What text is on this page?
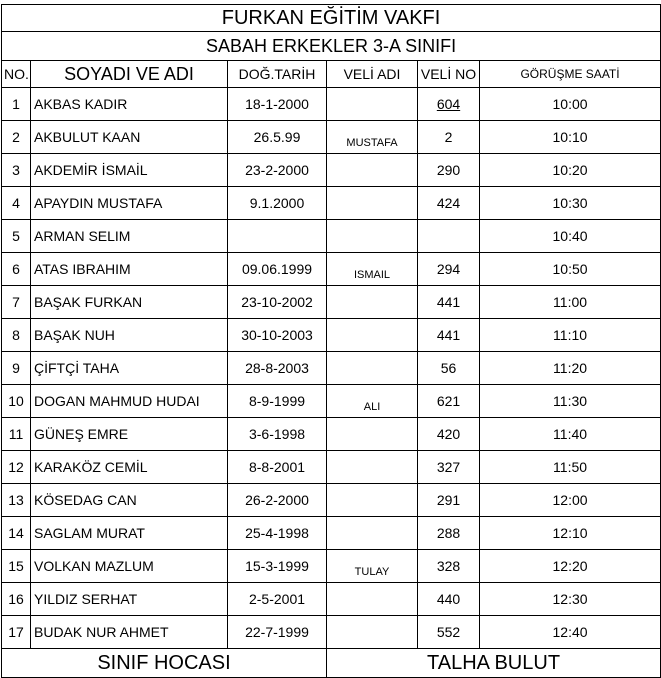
FURKAN EĞİTİM VAKFI					
SABAH ERKEKLER 3-A SINIFI					
NO.	SOYADI VE ADI	DOĞ.TARİH	VELİ ADI	VELİ NO	GÖRÜŞME SAATİ
1	AKBAS KADIR	18-1-2000		604	10:00
2	AKBULUT KAAN	26.5.99	MUSTAFA	2	10:10
3	AKDEMİR İSMAİL	23-2-2000		290	10:20
4	APAYDIN MUSTAFA	9.1.2000		424	10:30
5	ARMAN SELIM				10:40
6	ATAS IBRAHIM	09.06.1999	ISMAIL	294	10:50
7	BAŞAK FURKAN	23-10-2002		441	11:00
8	BAŞAK NUH	30-10-2003		441	11:10
9	ÇİFTÇİ TAHA	28-8-2003		56	11:20
10	DOGAN MAHMUD HUDAI	8-9-1999	ALI	621	11:30
11	GÜNEŞ EMRE	3-6-1998		420	11:40
12	KARAKÖZ CEMİL	8-8-2001		327	11:50
13	KÖSEDAG CAN	26-2-2000		291	12:00
14	SAGLAM MURAT	25-4-1998		288	12:10
15	VOLKAN MAZLUM	15-3-1999	TULAY	328	12:20
16	YILDIZ SERHAT	2-5-2001		440	12:30
17	BUDAK NUR AHMET	22-7-1999		552	12:40
SINIF HOCASI			TALHA BULUT		
